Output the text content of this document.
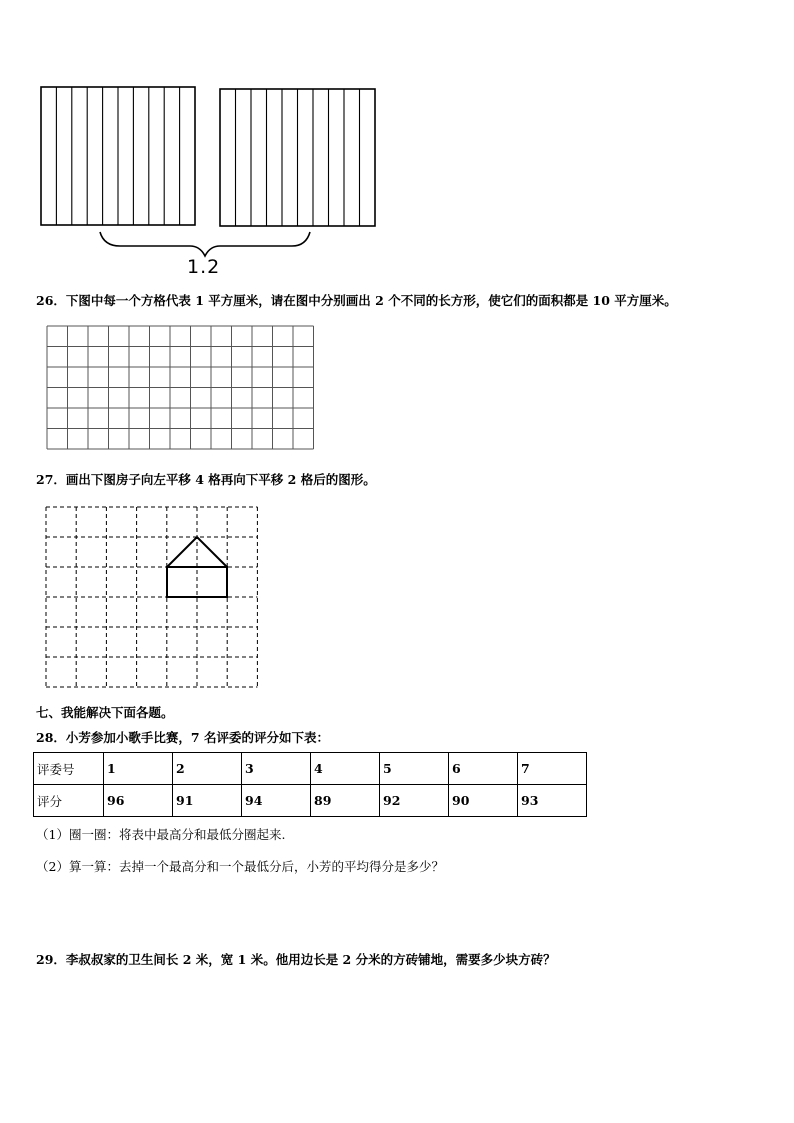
1.2
26．下图中每一个方格代表 1 平方厘米，请在图中分别画出 2 个不同的长方形，使它们的面积都是 10 平方厘米。
27．画出下图房子向左平移 4 格再向下平移 2 格后的图形。
七、我能解决下面各题。
28．小芳参加小歌手比赛，7 名评委的评分如下表：
评委号	1	2	3	4	5	6	7
评分	96	91	94	89	92	90	93
（1）圈一圈：将表中最高分和最低分圈起来.
（2）算一算：去掉一个最高分和一个最低分后，小芳的平均得分是多少？
29．李叔叔家的卫生间长 2 米，宽 1 米。他用边长是 2 分米的方砖铺地，需要多少块方砖？
